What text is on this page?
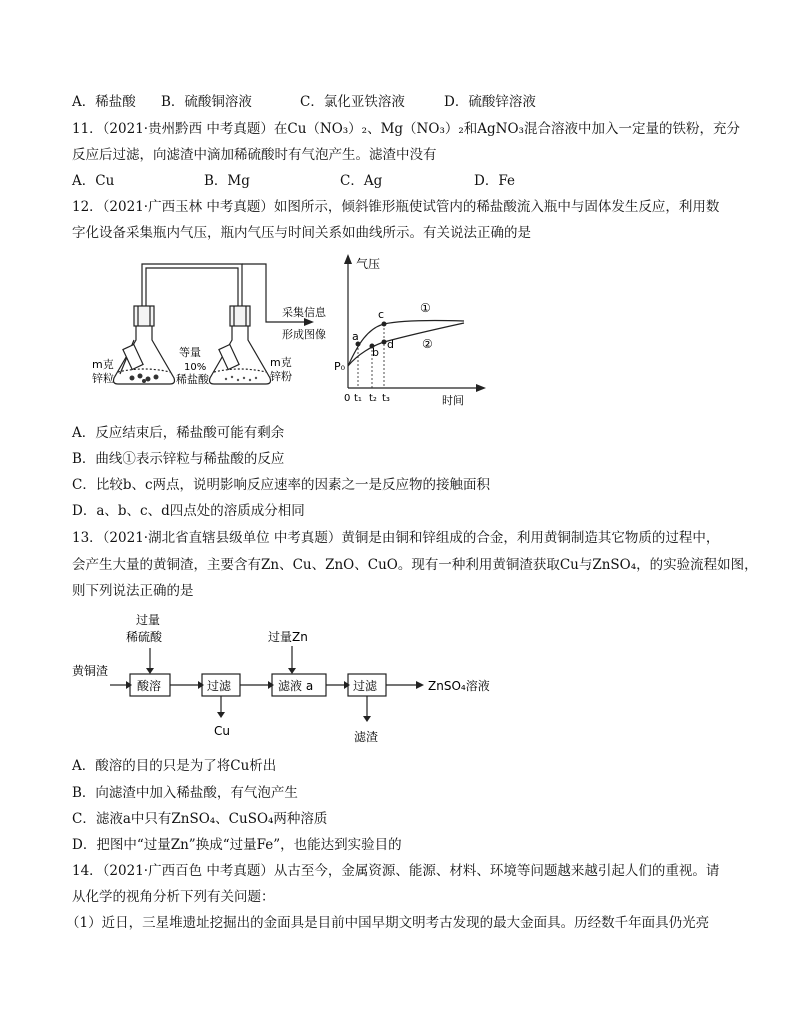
A．稀盐酸 B．硫酸铜溶液	C．氯化亚铁溶液	D．硫酸锌溶液
11．（2021·贵州黔西 中考真题）在Cu（NO₃）₂、Mg（NO₃）₂和AgNO₃混合溶液中加入一定量的铁粉，充分
反应后过滤，向滤渣中滴加稀硫酸时有气泡产生。滤渣中没有
A．Cu	B．Mg	C．Ag	D．Fe
12．（2021·广西玉林 中考真题）如图所示，倾斜锥形瓶使试管内的稀盐酸流入瓶中与固体发生反应，利用数
字化设备采集瓶内气压，瓶内气压与时间关系如曲线所示。有关说法正确的是
m克
锌粒
等量
10%
稀盐酸
m克
锌粉
采集信息
形成图像
气压
时间
P₀
0 t₁ t₂ t₃
a
b
c
d
①
②
A．反应结束后，稀盐酸可能有剩余
B．曲线①表示锌粒与稀盐酸的反应
C．比较b、c两点，说明影响反应速率的因素之一是反应物的接触面积
D．a、b、c、d四点处的溶质成分相同
13．（2021·湖北省直辖县级单位 中考真题）黄铜是由铜和锌组成的合金，利用黄铜制造其它物质的过程中，
会产生大量的黄铜渣，主要含有Zn、Cu、ZnO、CuO。现有一种利用黄铜渣获取Cu与ZnSO₄，的实验流程如图，
则下列说法正确的是
黄铜渣
过量
稀硫酸
酸溶	过滤
Cu
过量Zn
滤液 a	过滤
滤渣
ZnSO₄溶液
A．酸溶的目的只是为了将Cu析出
B．向滤渣中加入稀盐酸，有气泡产生
C．滤液a中只有ZnSO₄、CuSO₄两种溶质
D．把图中“过量Zn”换成“过量Fe”，也能达到实验目的
14．（2021·广西百色 中考真题）从古至今，金属资源、能源、材料、环境等问题越来越引起人们的重视。请
从化学的视角分析下列有关问题：
（1）近日，三星堆遗址挖掘出的金面具是目前中国早期文明考古发现的最大金面具。历经数千年面具仍光亮
